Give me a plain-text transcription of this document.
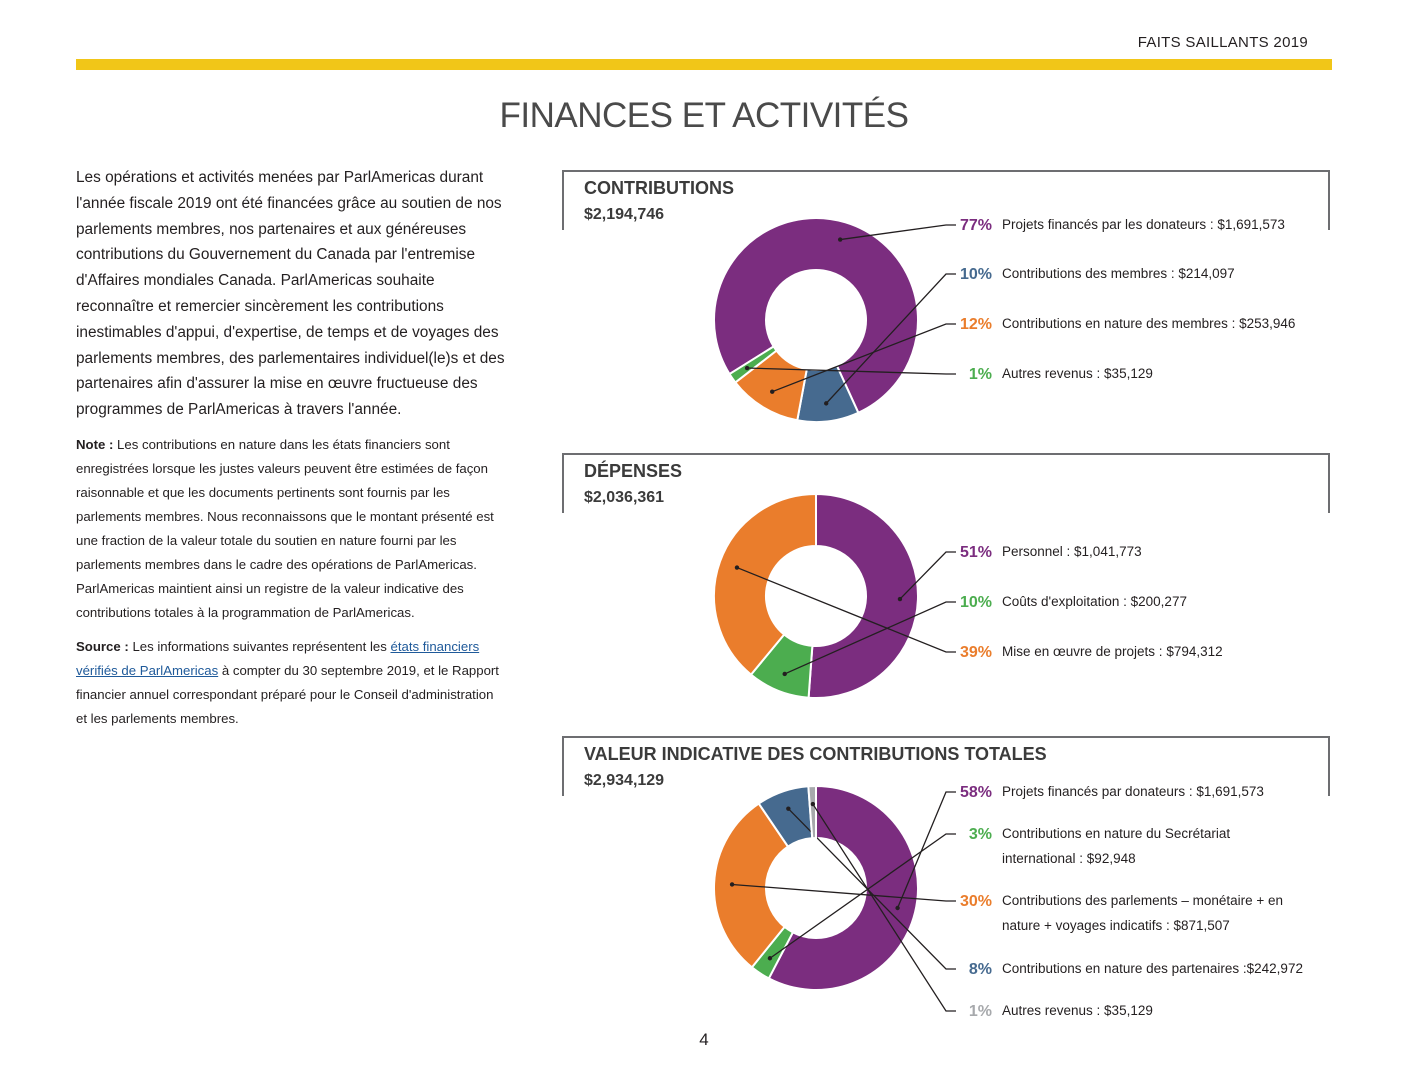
FAITS SAILLANTS 2019
FINANCES ET ACTIVITÉS

Les opérations et activités menées par ParlAmericas durant l'année fiscale 2019 ont été financées grâce au soutien de nos parlements membres, nos partenaires et aux généreuses contributions du Gouvernement du Canada par l'entremise d'Affaires mondiales Canada. ParlAmericas souhaite reconnaître et remercier sincèrement les contributions inestimables d'appui, d'expertise, de temps et de voyages des parlements membres, des parlementaires individuel(le)s et des partenaires afin d'assurer la mise en œuvre fructueuse des programmes de ParlAmericas à travers l'année.

Note : Les contributions en nature dans les états financiers sont enregistrées lorsque les justes valeurs peuvent être estimées de façon raisonnable et que les documents pertinents sont fournis par les parlements membres. Nous reconnaissons que le montant présenté est une fraction de la valeur totale du soutien en nature fourni par les parlements membres dans le cadre des opérations de ParlAmericas. ParlAmericas maintient ainsi un registre de la valeur indicative des contributions totales à la programmation de ParlAmericas.

Source : Les informations suivantes représentent les états financiers vérifiés de ParlAmericas à compter du 30 septembre 2019, et le Rapport financier annuel correspondant préparé pour le Conseil d'administration et les parlements membres.

CONTRIBUTIONS
$2,194,746
DÉPENSES
$2,036,361
VALEUR INDICATIVE DES CONTRIBUTIONS TOTALES
$2,934,129
77% Projets financés par les donateurs : $1,691,573
10% Contributions des membres : $214,097
12% Contributions en nature des membres : $253,946
1% Autres revenus : $35,129
51% Personnel : $1,041,773
10% Coûts d'exploitation : $200,277
39% Mise en œuvre de projets : $794,312
58% Projets financés par donateurs : $1,691,573
3% Contributions en nature du Secrétariat
international : $92,948
30% Contributions des parlements – monétaire + en
nature + voyages indicatifs : $871,507
8% Contributions en nature des partenaires :$242,972
1% Autres revenus : $35,129
4
